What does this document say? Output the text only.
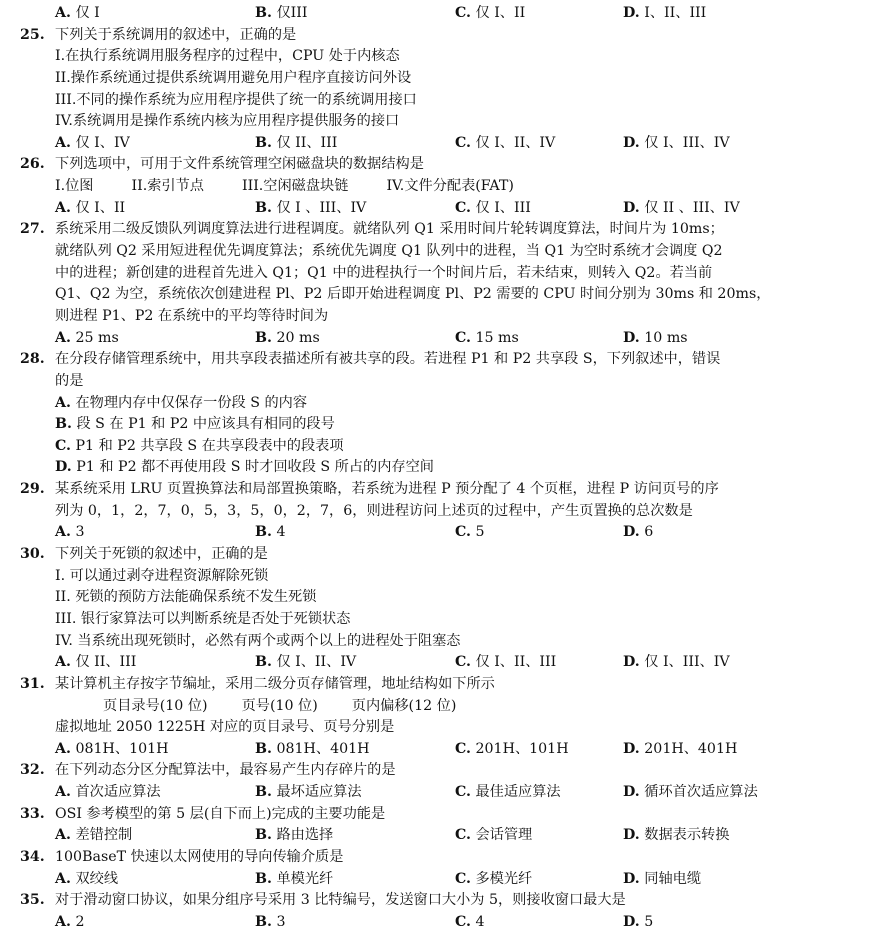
A. 仅 I	B. 仅III	C. 仅 I、II	D. I、II、III
25. 下列关于系统调用的叙述中，正确的是
I.在执行系统调用服务程序的过程中，CPU 处于内核态
II.操作系统通过提供系统调用避免用户程序直接访问外设
III.不同的操作系统为应用程序提供了统一的系统调用接口
IV.系统调用是操作系统内核为应用程序提供服务的接口
A. 仅 I、IV	B. 仅 II、III	C. 仅 I、II、IV	D. 仅 I、III、IV
26. 下列选项中，可用于文件系统管理空闲磁盘块的数据结构是
I.位图	II.索引节点	III.空闲磁盘块链	IV.文件分配表(FAT)
A. 仅 I、II	B. 仅 I 、III、IV	C. 仅 I、III	D. 仅 II 、III、IV
27. 系统采用二级反馈队列调度算法进行进程调度。就绪队列 Q1 采用时间片轮转调度算法，时间片为 10ms；
就绪队列 Q2 采用短进程优先调度算法；系统优先调度 Q1 队列中的进程，当 Q1 为空时系统才会调度 Q2
中的进程；新创建的进程首先进入 Q1；Q1 中的进程执行一个时间片后，若未结束，则转入 Q2。若当前
Q1、Q2 为空，系统依次创建进程 Pl、P2 后即开始进程调度 Pl、P2 需要的 CPU 时间分别为 30ms 和 20ms，
则进程 P1、P2 在系统中的平均等待时间为
A. 25 ms	B. 20 ms	C. 15 ms	D. 10 ms
28. 在分段存储管理系统中，用共享段表描述所有被共享的段。若进程 P1 和 P2 共享段 S，下列叙述中，错误
的是
A. 在物理内存中仅保存一份段 S 的内容
B. 段 S 在 P1 和 P2 中应该具有相同的段号
C. P1 和 P2 共享段 S 在共享段表中的段表项
D. P1 和 P2 都不再使用段 S 时才回收段 S 所占的内存空间
29. 某系统采用 LRU 页置换算法和局部置换策略，若系统为进程 P 预分配了 4 个页框，进程 P 访问页号的序
列为 0，1，2，7，0，5，3，5，0，2，7，6，则进程访问上述页的过程中，产生页置换的总次数是
A. 3	B. 4	C. 5	D. 6
30. 下列关于死锁的叙述中，正确的是
I. 可以通过剥夺进程资源解除死锁
II. 死锁的预防方法能确保系统不发生死锁
III. 银行家算法可以判断系统是否处于死锁状态
IV. 当系统出现死锁时，必然有两个或两个以上的进程处于阻塞态
A. 仅 II、III	B. 仅 I、II、IV	C. 仅 I、II、III	D. 仅 I、III、IV
31. 某计算机主存按字节编址，采用二级分页存储管理，地址结构如下所示
页目录号(10 位) 页号(10 位) 页内偏移(12 位)
虚拟地址 2050 1225H 对应的页目录号、页号分别是
A. 081H、101H	B. 081H、401H	C. 201H、101H	D. 201H、401H
32. 在下列动态分区分配算法中，最容易产生内存碎片的是
A. 首次适应算法	B. 最坏适应算法	C. 最佳适应算法	D. 循环首次适应算法
33. OSI 参考模型的第 5 层(自下而上)完成的主要功能是
A. 差错控制	B. 路由选择	C. 会话管理	D. 数据表示转换
34. 100BaseT 快速以太网使用的导向传输介质是
A. 双绞线	B. 单模光纤	C. 多模光纤	D. 同轴电缆
35. 对于滑动窗口协议，如果分组序号采用 3 比特编号，发送窗口大小为 5，则接收窗口最大是
A. 2	B. 3	C. 4	D. 5
